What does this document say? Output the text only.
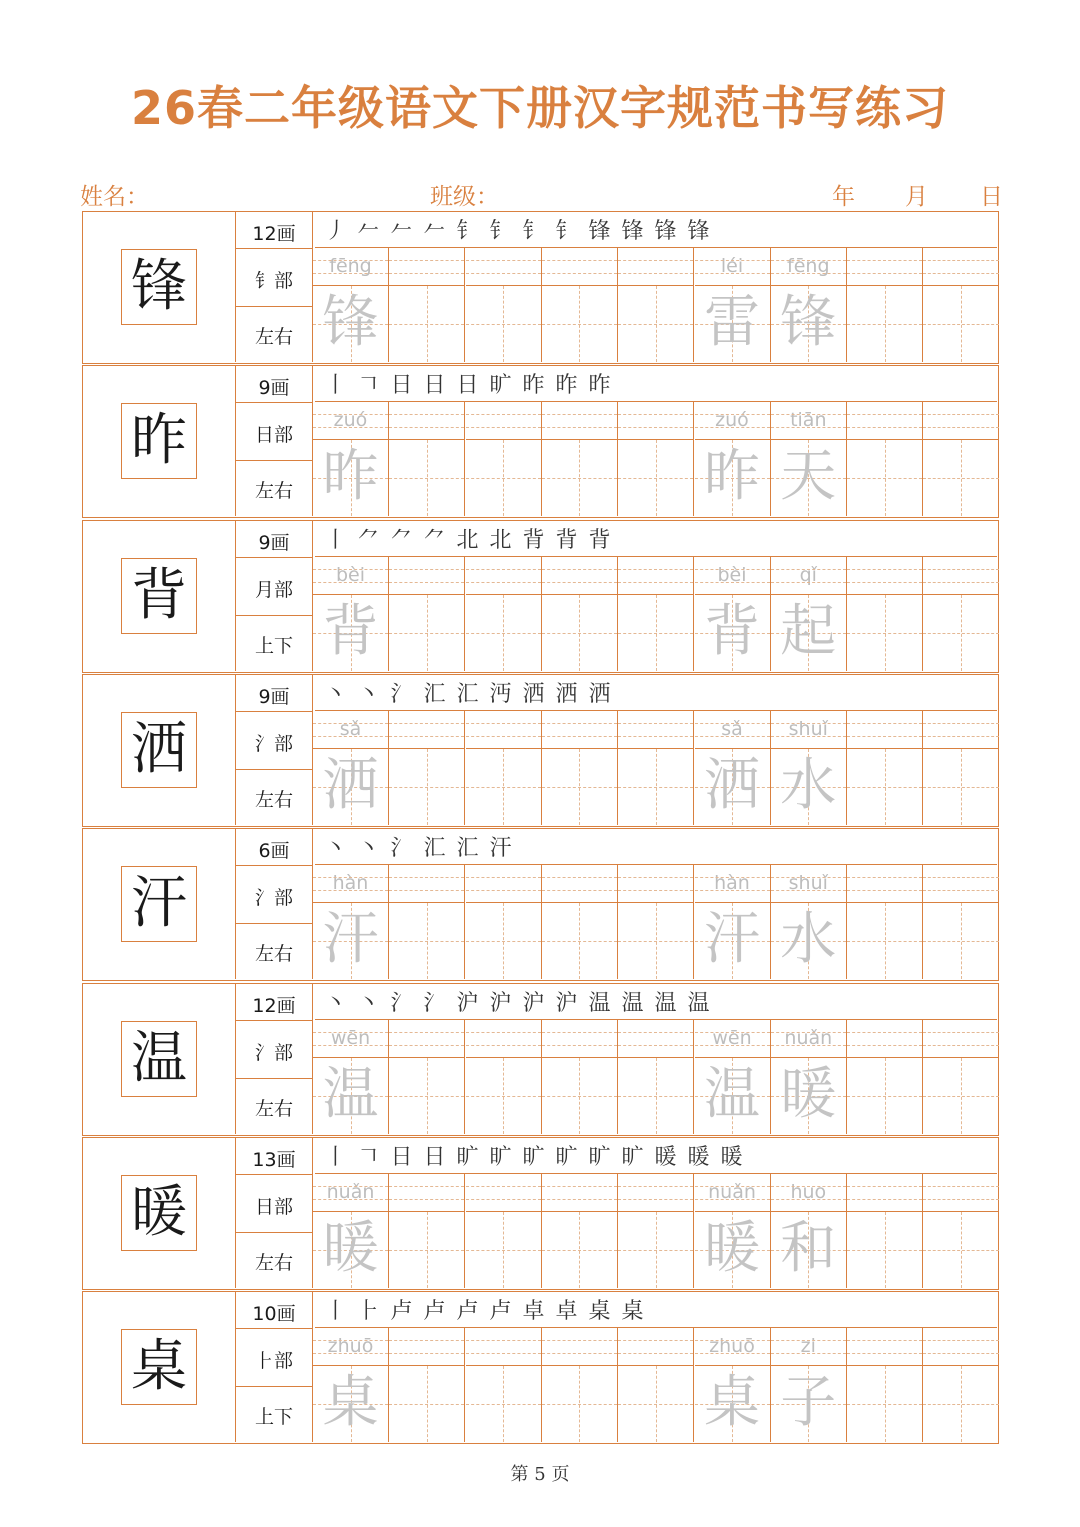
26春二年级语文下册汉字规范书写练习
姓名：	班级：	年 月 日
锋
12画
钅部
左右
丿 𠂉 𠂉 𠂉 钅 钅 钅 钅 锋 锋 锋 锋
fēng
锋
léi
雷
fēng
锋
昨
9画
日部
左右
丨 𠃍 日 日 日 旷 昨 昨 昨
zuó
昨
zuó
昨
tiān
天
背
9画
月部
上下
丨 ⺈ ⺈ ⺈ 北 北 背 背 背
bèi
背
bèi
背
qǐ
起
洒
9画
氵部
左右
丶 丶 氵 汇 汇 沔 洒 洒 洒
sǎ
洒
sǎ
洒
shuǐ
水
汗
6画
氵部
左右
丶 丶 氵 汇 汇 汗
hàn
汗
hàn
汗
shuǐ
水
温
12画
氵部
左右
丶 丶 氵 氵 沪 沪 沪 沪 温 温 温 温
wēn
温
wēn
温
nuǎn
暖
暖
13画
日部
左右
丨 𠃍 日 日 旷 旷 旷 旷 旷 旷 暖 暖 暖
nuǎn
暖
nuǎn
暖
huo
和
桌
10画
⺊部
上下
丨 ⺊ 卢 卢 卢 卢 卓 卓 桌 桌
zhuō
桌
zhuō
桌
zi
子
第 5 页
